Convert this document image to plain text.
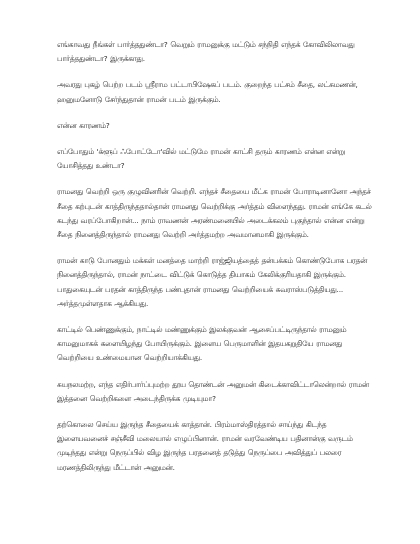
எங்காவது நீங்கள் பார்த்ததுண்டா? வெறும் ராமனுக்கு மட்டும் சந்நிதி எந்தக் கோவிலிலாவது பார்த்ததுண்டா? இருக்காது.

அவரது புகழ் பெற்ற படம் ஸ்ரீராம பட்டாபிஷேகப் படம். குறைந்த பட்சம் சீதை, லட்சுமணன், ஹனுமனோடு சேர்ந்துதான் ராமன் படம் இருக்கும்.

என்ன காரணம்?

எப்போதும் 'க்ளூப் ஃபோட்டோ'வில் மட்டுமே ராமன் காட்சி தரும் காரணம் என்ன என்று யோசித்தது உண்டா?

ராமனது வெற்றி ஒரு குழுவினரின் வெற்றி. எந்தச் சீதையை மீட்க ராமன் போராடினானோ அந்தச் சீதை கற்புடன் காத்திருந்ததால்தான் ராமனது வெற்றிக்கு அர்த்தம் விளைந்தது. ராமன் எங்கே கடல் கடந்து வரப்போகிறான்... நாம் ராவணன் அரண்மனையில் அடைக்கலம் புகுந்தால் என்ன என்று சீதை நினைத்திருந்தால் ராமனது வெற்றி அர்த்தமற்ற அவமானமாகி இருக்கும்.

ராமன் காடு போனதும் மக்கள் மனத்தை மாற்றி ராஜ்ஜியத்தைத் தன்பக்கம் கொண்டுபோக பரதன் நினைத்திருந்தால், ராமன் நாட்டை விட்டுக் கொடுத்த தியாகம் கேலிக்குரியதாகி இருக்கும். பாதுகையுடன் பரதன் காத்திருந்த பண்புதான் ராமனது வெற்றியைக் சுவராஸ்படுத்தியது... அர்த்தமுள்ளதாக ஆக்கியது.

காட்டில் பெண்ணுக்கும், நாட்டில் மண்ணுக்கும் இலக்குவன் ஆசைப்பட்டிருந்தால் ராமனும் காமனுமாகக் களையிழந்து போயிருக்கும். இளைய பெருமாளின் இதயகறுதியே ராமனது வெற்றியை உண்மையான வெற்றியாக்கியது.

சுயநலமற்ற, எந்த எதிர்பார்ப்புமற்ற தூய தொண்டன் அனுமன் கிடைக்காவிட்டாலென்றால் ராமன் இத்தனை வெற்றிகளை அடைந்திருக்க முடியுமா?

தற்கொலை செய்ய இருந்த சீதையைக் காத்தான். பிரம்மாஸ்திரத்தால் சாய்ந்து கிடந்த இளையவனைச் சஞ்சீவி மலையால் எழுப்பினான். ராமன் வரவேண்டிய பதினான்கு வருடம் முடிந்தது என்று நெருப்பில் விழ இருந்த பரதனைத் தடுத்து நெருப்பை அவித்துப் பலரை மரணத்திலிருந்து மீட்டான் அனுமன்.
